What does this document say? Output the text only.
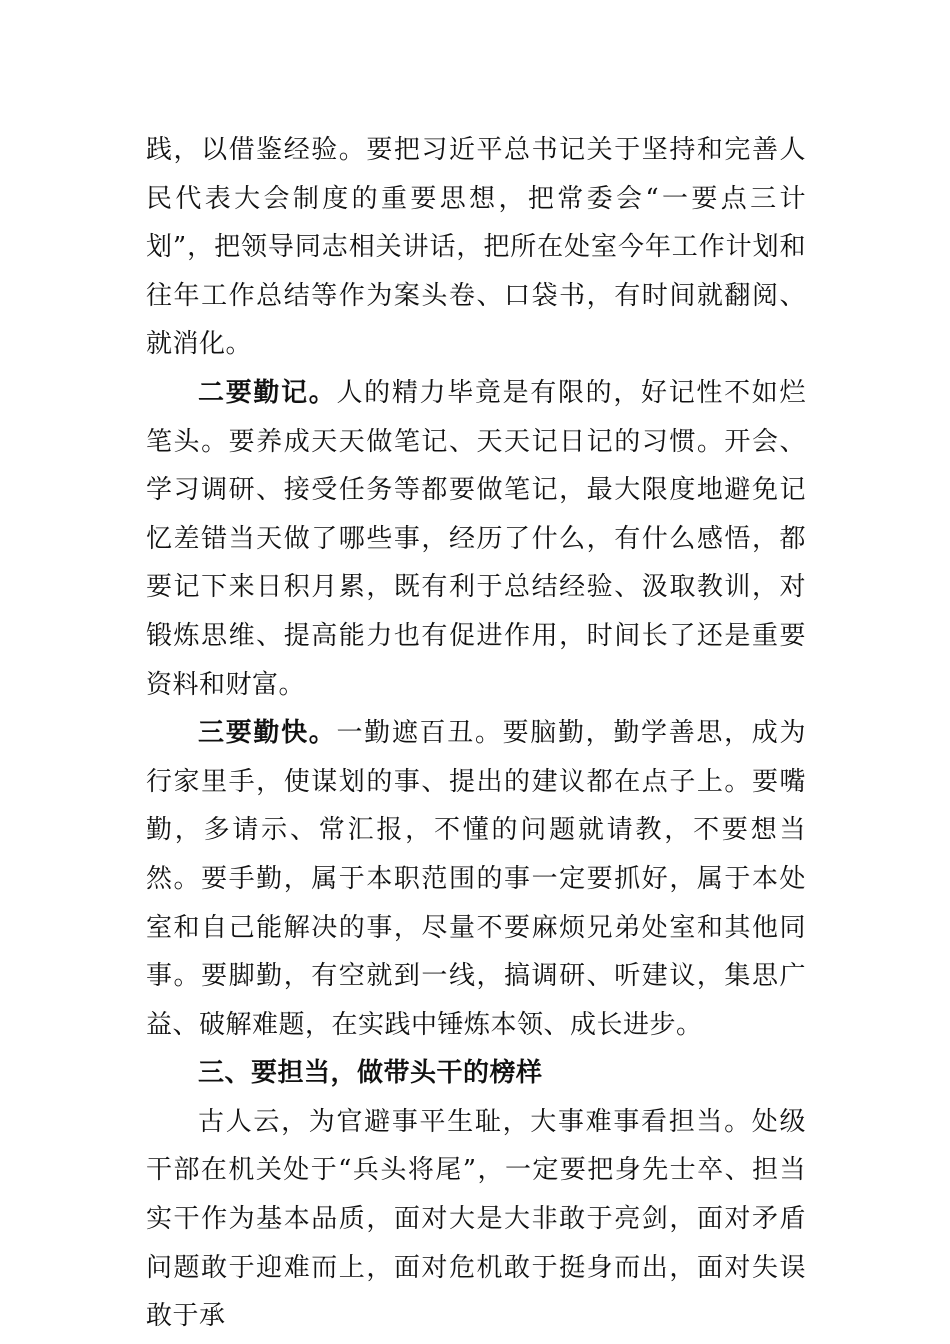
践，以借鉴经验。要把习近平总书记关于坚持和完善人民代表大会制度的重要思想，把常委会“一要点三计划”，把领导同志相关讲话，把所在处室今年工作计划和往年工作总结等作为案头卷、口袋书，有时间就翻阅、就消化。

二要勤记。人的精力毕竟是有限的，好记性不如烂笔头。要养成天天做笔记、天天记日记的习惯。开会、学习调研、接受任务等都要做笔记，最大限度地避免记忆差错当天做了哪些事，经历了什么，有什么感悟，都要记下来日积月累，既有利于总结经验、汲取教训，对锻炼思维、提高能力也有促进作用，时间长了还是重要资料和财富。

三要勤快。一勤遮百丑。要脑勤，勤学善思，成为行家里手，使谋划的事、提出的建议都在点子上。要嘴勤，多请示、常汇报，不懂的问题就请教，不要想当然。要手勤，属于本职范围的事一定要抓好，属于本处室和自己能解决的事，尽量不要麻烦兄弟处室和其他同事。要脚勤，有空就到一线，搞调研、听建议，集思广益、破解难题，在实践中锤炼本领、成长进步。

三、要担当，做带头干的榜样

古人云，为官避事平生耻，大事难事看担当。处级干部在机关处于“兵头将尾”，一定要把身先士卒、担当实干作为基本品质，面对大是大非敢于亮剑，面对矛盾问题敢于迎难而上，面对危机敢于挺身而出，面对失误敢于承
